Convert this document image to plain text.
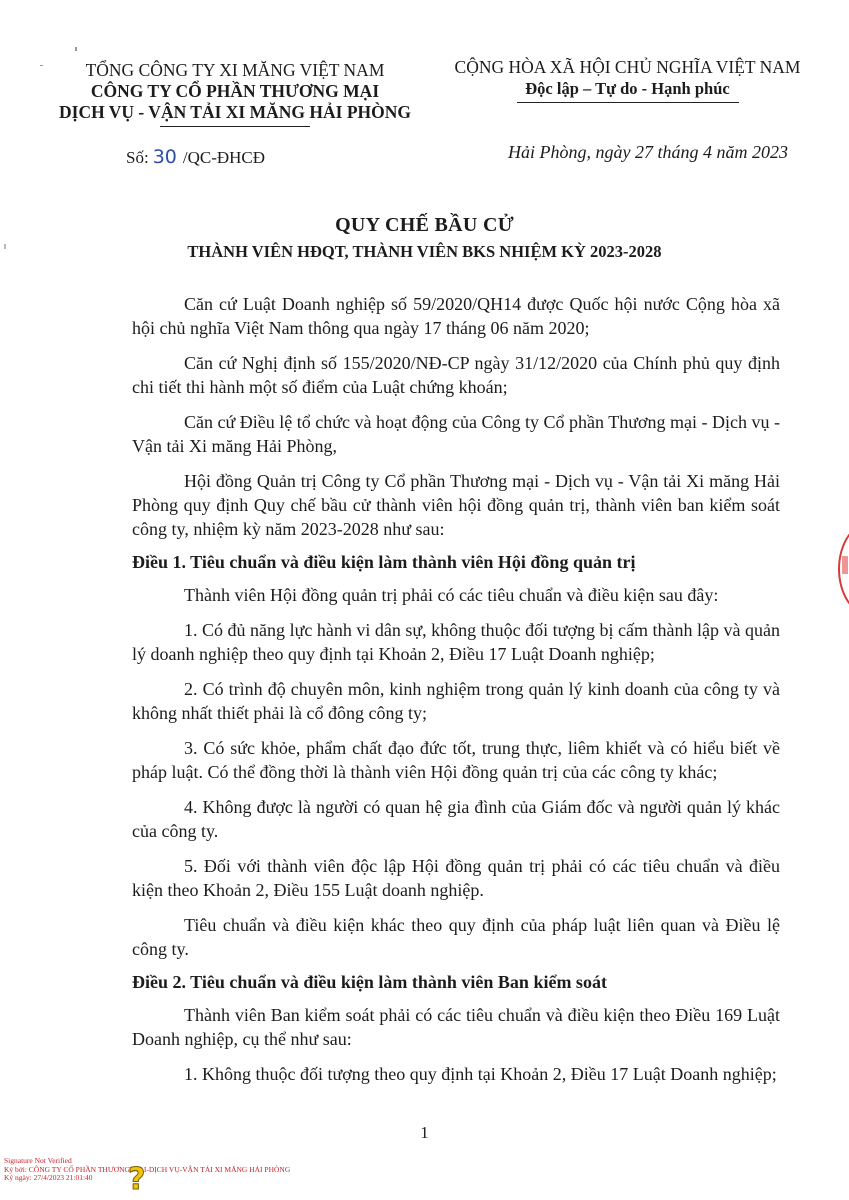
TỔNG CÔNG TY XI MĂNG VIỆT NAM
CÔNG TY CỔ PHẦN THƯƠNG MẠI
DỊCH VỤ - VẬN TẢI XI MĂNG HẢI PHÒNG
CỘNG HÒA XÃ HỘI CHỦ NGHĨA VIỆT NAM
Độc lập – Tự do - Hạnh phúc
Số: 30 /QC-ĐHCĐ	Hải Phòng, ngày 27 tháng 4 năm 2023
QUY CHẾ BẦU CỬ
THÀNH VIÊN HĐQT, THÀNH VIÊN BKS NHIỆM KỲ 2023-2028

Căn cứ Luật Doanh nghiệp số 59/2020/QH14 được Quốc hội nước Cộng hòa xã hội chủ nghĩa Việt Nam thông qua ngày 17 tháng 06 năm 2020;

Căn cứ Nghị định số 155/2020/NĐ-CP ngày 31/12/2020 của Chính phủ quy định chi tiết thi hành một số điểm của Luật chứng khoán;

Căn cứ Điều lệ tổ chức và hoạt động của Công ty Cổ phần Thương mại - Dịch vụ - Vận tải Xi măng Hải Phòng,

Hội đồng Quản trị Công ty Cổ phần Thương mại - Dịch vụ - Vận tải Xi măng Hải Phòng quy định Quy chế bầu cử thành viên hội đồng quản trị, thành viên ban kiểm soát công ty, nhiệm kỳ năm 2023-2028 như sau:

Điều 1. Tiêu chuẩn và điều kiện làm thành viên Hội đồng quản trị

Thành viên Hội đồng quản trị phải có các tiêu chuẩn và điều kiện sau đây:

1. Có đủ năng lực hành vi dân sự, không thuộc đối tượng bị cấm thành lập và quản lý doanh nghiệp theo quy định tại Khoản 2, Điều 17 Luật Doanh nghiệp;

2. Có trình độ chuyên môn, kinh nghiệm trong quản lý kinh doanh của công ty và không nhất thiết phải là cổ đông công ty;

3. Có sức khỏe, phẩm chất đạo đức tốt, trung thực, liêm khiết và có hiểu biết về pháp luật. Có thể đồng thời là thành viên Hội đồng quản trị của các công ty khác;

4. Không được là người có quan hệ gia đình của Giám đốc và người quản lý khác của công ty.

5. Đối với thành viên độc lập Hội đồng quản trị phải có các tiêu chuẩn và điều kiện theo Khoản 2, Điều 155 Luật doanh nghiệp.

Tiêu chuẩn và điều kiện khác theo quy định của pháp luật liên quan và Điều lệ công ty.

Điều 2. Tiêu chuẩn và điều kiện làm thành viên Ban kiểm soát

Thành viên Ban kiểm soát phải có các tiêu chuẩn và điều kiện theo Điều 169 Luật Doanh nghiệp, cụ thể như sau:

1. Không thuộc đối tượng theo quy định tại Khoản 2, Điều 17 Luật Doanh nghiệp;

1
Signature Not Verified
Ký bởi: CÔNG TY CỔ PHẦN THƯƠNG MẠI-DỊCH VỤ-VẬN TẢI XI MĂNG HẢI PHÒNG
Ký ngày: 27/4/2023 21:01:40	?
